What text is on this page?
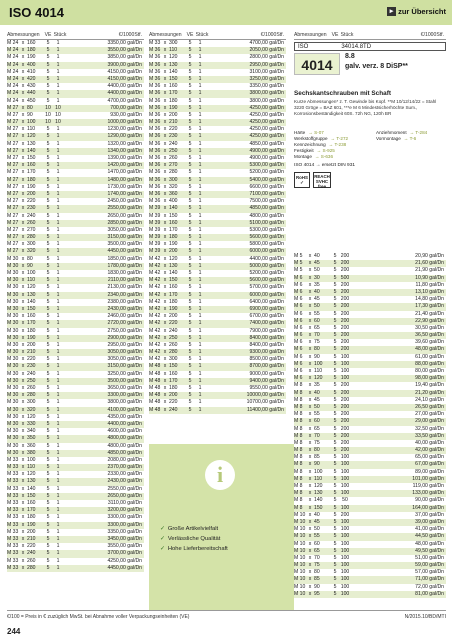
ISO 4014	▸ zur Übersicht
Abmessungen VE Stück	€/1000Stf.
M 24 x 160	5	1	3350,00 gal/Dn
M 24 x 180	5	1	3550,00 gal/Dn
M 24 x 190	5	1	3850,00 gal/Dn
M 24 x 400	5	1	3900,00 gal/Dn
M 24 x 410	5	1	4150,00 gal/Dn
M 24 x 420	5	1	4150,00 gal/Dn
M 24 x 430	5	1	4400,00 gal/Dn
M 24 x 440	5	1	4400,00 gal/Dn
M 24 x 450	5	1	4700,00 gal/Dn
M 27 x 80	10 10	700,00 gal/Dn
M 27 x 90	10 10	930,00 gal/Dn
M 27 x 100	10 10	1000,00 gal/Dn
M 27 x 110	5	1	1230,00 gal/Dn
M 27 x 120	5	1	1290,00 gal/Dn
M 27 x 130	5	1	1320,00 gal/Dn
M 27 x 140	5	1	1340,00 gal/Dn
M 27 x 150	5	1	1390,00 gal/Dn
M 27 x 160	5	1	1420,00 gal/Dn
M 27 x 170	5	1	1470,00 gal/Dn
M 27 x 180	5	1	1480,00 gal/Dn
M 27 x 190	5	1	1730,00 gal/Dn
M 27 x 200	5	1	1740,00 gal/Dn
M 27 x 220	5	1	2450,00 gal/Dn
M 27 x 230	5	1	2550,00 gal/Dn
M 27 x 240	5	1	2650,00 gal/Dn
M 27 x 260	5	1	2850,00 gal/Dn
M 27 x 270	5	1	3050,00 gal/Dn
M 27 x 280	5	1	3150,00 gal/Dn
M 27 x 300	5	1	3500,00 gal/Dn
M 27 x 320	5	1	4450,00 gal/Dn
M 30 x 80	5	1	1850,00 gal/Dn
M 30 x 90	5	1	1780,00 gal/Dn
M 30 x 100	5	1	1830,00 gal/Dn
M 30 x 110	5	1	2110,00 gal/Dn
M 30 x 120	5	1	2130,00 gal/Dn
M 30 x 130	5	1	2340,00 gal/Dn
M 30 x 140	5	1	2380,00 gal/Dn
M 30 x 150	5	1	2430,00 gal/Dn
M 30 x 160	5	1	2460,00 gal/Dn
M 30 x 170	5	1	2720,00 gal/Dn
M 30 x 180	5	1	2750,00 gal/Dn
M 30 x 190	5	1	2900,00 gal/Dn
M 30 x 200	5	1	2950,00 gal/Dn
M 30 x 210	5	1	3050,00 gal/Dn
M 30 x 220	5	1	3050,00 gal/Dn
M 30 x 230	5	1	3150,00 gal/Dn
M 30 x 240	5	1	3250,00 gal/Dn
M 30 x 250	5	1	3500,00 gal/Dn
M 30 x 260	5	1	3650,00 gal/Dn
M 30 x 280	5	1	3300,00 gal/Dn
M 30 x 300	5	1	3800,00 gal/Dn
M 30 x 320	5	1	4100,00 gal/Dn
M 30 x 120	5	1	4350,00 gal/Dn
M 30 x 330	5	1	4400,00 gal/Dn
M 30 x 340	5	1	4600,00 gal/Dn
M 30 x 350	5	1	4800,00 gal/Dn
M 30 x 360	5	1	4800,00 gal/Dn
M 30 x 380	5	1	4850,00 gal/Dn
M 33 x 100	5	1	2080,00 gal/Dn
M 33 x 110	5	1	2370,00 gal/Dn
M 33 x 120	5	1	2330,00 gal/Dn
M 33 x 130	5	1	2430,00 gal/Dn
M 33 x 140	5	1	2550,00 gal/Dn
M 33 x 150	5	1	2650,00 gal/Dn
M 33 x 160	5	1	3110,00 gal/Dn
M 33 x 170	5	1	3200,00 gal/Dn
M 33 x 180	5	1	3300,00 gal/Dn
M 33 x 190	5	1	3300,00 gal/Dn
M 33 x 200	5	1	3350,00 gal/Dn
M 33 x 210	5	1	3450,00 gal/Dn
M 33 x 220	5	1	3550,00 gal/Dn
M 33 x 240	5	1	3700,00 gal/Dn
M 33 x 260	5	1	4250,00 gal/Dn
M 33 x 280	5	1	4450,00 gal/Dn
Abmessungen VE Stück	€/1000Stf.
M 33 x 300	5	1	4700,00 gal/Dn
M 36 x 110	5	1	2050,00 gal/Dn
M 36 x 120	5	1	2800,00 gal/Dn
M 36 x 130	5	1	2950,00 gal/Dn
M 36 x 140	5	1	3100,00 gal/Dn
M 36 x 150	5	1	3250,00 gal/Dn
M 36 x 160	5	1	3350,00 gal/Dn
M 36 x 170	5	1	3800,00 gal/Dn
M 36 x 180	5	1	3800,00 gal/Dn
M 36 x 190	5	1	4250,00 gal/Dn
M 36 x 200	5	1	4250,00 gal/Dn
M 36 x 210	5	1	4250,00 gal/Dn
M 36 x 220	5	1	4250,00 gal/Dn
M 36 x 230	5	1	4250,00 gal/Dn
M 36 x 240	5	1	4850,00 gal/Dn
M 36 x 250	5	1	4900,00 gal/Dn
M 36 x 260	5	1	4900,00 gal/Dn
M 36 x 270	5	1	5300,00 gal/Dn
M 36 x 280	5	1	5200,00 gal/Dn
M 36 x 300	5	1	5400,00 gal/Dn
M 36 x 320	5	1	6600,00 gal/Dn
M 36 x 360	5	1	7100,00 gal/Dn
M 36 x 400	5	1	7500,00 gal/Dn
M 39 x 140	5	1	4850,00 gal/Dn
M 39 x 150	5	1	4800,00 gal/Dn
M 39 x 160	5	1	5100,00 gal/Dn
M 39 x 170	5	1	5300,00 gal/Dn
M 39 x 180	5	1	5600,00 gal/Dn
M 39 x 190	5	1	5800,00 gal/Dn
M 39 x 200	5	1	6000,00 gal/Dn
M 42 x 120	5	1	4400,00 gal/Dn
M 42 x 130	5	1	5000,00 gal/Dn
M 42 x 140	5	1	5200,00 gal/Dn
M 42 x 150	5	1	5600,00 gal/Dn
M 42 x 160	5	1	5700,00 gal/Dn
M 42 x 170	5	1	6000,00 gal/Dn
M 42 x 180	5	1	6400,00 gal/Dn
M 42 x 190	5	1	6900,00 gal/Dn
M 42 x 200	5	1	6700,00 gal/Dn
M 42 x 220	5	1	7400,00 gal/Dn
M 42 x 240	5	1	7900,00 gal/Dn
M 42 x 250	5	1	8400,00 gal/Dn
M 42 x 260	5	1	8400,00 gal/Dn
M 42 x 280	5	1	9300,00 gal/Dn
M 42 x 300	5	1	8500,00 gal/Dn
M 48 x 150	5	1	8700,00 gal/Dn
M 48 x 160	5	1	9000,00 gal/Dn
M 48 x 170	5	1	9400,00 gal/Dn
M 48 x 180	5	1	9550,00 gal/Dn
M 48 x 200	5	1	10000,00 gal/Dn
M 48 x 220	5	1	10700,00 gal/Dn
M 48 x 240	5	1	11400,00 gal/Dn
Abmessungen VE Stück	€/1000Stf.
M 5	x 40	5 200	20,90 gal/Dn
M 5	x 45	5 200	21,60 gal/Dn
M 5	x 50	5 200	21,90 gal/Dn
M 6	x 30	5 500	10,90 gal/Dn
M 6	x 35	5 200	11,80 gal/Dn
M 6	x 40	5 200	13,10 gal/Dn
M 6	x 45	5 200	14,80 gal/Dn
M 6	x 50	5 200	17,30 gal/Dn
M 6	x 55	5 200	21,40 gal/Dn
M 6	x 60	5 200	22,90 gal/Dn
M 6	x 65	5 200	30,50 gal/Dn
M 6	x 70	5 200	36,50 gal/Dn
M 6	x 75	5 200	39,60 gal/Dn
M 6	x 80	5 200	48,00 gal/Dn
M 6	x 90	5 100	61,00 gal/Dn
M 6	x 100	5 100	88,00 gal/Dn
M 6	x 110	5 100	80,00 gal/Dn
M 6	x 120	5 100	98,00 gal/Dn
M 8	x 35	5 200	19,40 gal/Dn
M 8	x 40	5 200	21,20 gal/Dn
M 8	x 45	5 200	24,10 gal/Dn
M 8	x 50	5 200	26,50 gal/Dn
M 8	x 55	5 200	27,00 gal/Dn
M 8	x 60	5 200	29,00 gal/Dn
M 8	x 65	5 200	32,50 gal/Dn
M 8	x 70	5 200	33,50 gal/Dn
M 8	x 75	5 200	40,00 gal/Dn
M 8	x 80	5 200	42,00 gal/Dn
M 8	x 85	5 100	65,00 gal/Dn
M 8	x 90	5 100	67,00 gal/Dn
M 8	x 100	5 100	89,00 gal/Dn
M 8	x 110	5 100	101,00 gal/Dn
M 8	x 120	5 100	119,00 gal/Dn
M 8	x 130	5 100	133,00 gal/Dn
M 8	x 140	5	50	90,00 gal/Dn
M 8	x 150	5 100	164,00 gal/Dn
M 10 x 40	5 200	37,00 gal/Dn
M 10 x 45	5 100	39,00 gal/Dn
M 10 x 50	5 100	41,00 gal/Dn
M 10 x 55	5 100	44,50 gal/Dn
M 10 x 60	5 100	48,00 gal/Dn
M 10 x 65	5 100	49,50 gal/Dn
M 10 x 70	5 100	51,00 gal/Dn
M 10 x 75	5 100	59,00 gal/Dn
M 10 x 80	5 100	57,00 gal/Dn
M 10 x 85	5 100	71,00 gal/Dn
M 10 x 90	5 100	72,00 gal/Dn
M 10 x 95	5 100	81,00 gal/Dn
ISO	34014.8TD
4014
8.8
galv. verz. 8 DiSP**
Sechskantschrauben mit Schaft
Kurze Abmessungen* z. T. Gewinde bis Kopf. **M 10/12/14/22 = Stahl 3220 Gröge = BAZ 601, ***e M 6 Mindestsicherhöchte Sum., Korrosionsbeständigkeit 60S. 72h NG, 120h BR
Härte → S-07
Werkstoffgruppe → T-272
Kennzeichnung → T-238
Festigkeit → S-925
Montage → S-636
Anziehmoment → T-284
Vormontage → T-6
ISO 4014 → ersetzt DIN 931
RoHS ✓
REACH SVHC free
i
✓ Große Artikelvielfalt
✓ Verlässliche Qualität
✓ Hohe Lieferbereitschaft
€/100 = Preis in € zuzüglich MwSt. bei Abnahme voller Verpackungseinheiten (VE)	N/2015.10/BD/MTI
244
